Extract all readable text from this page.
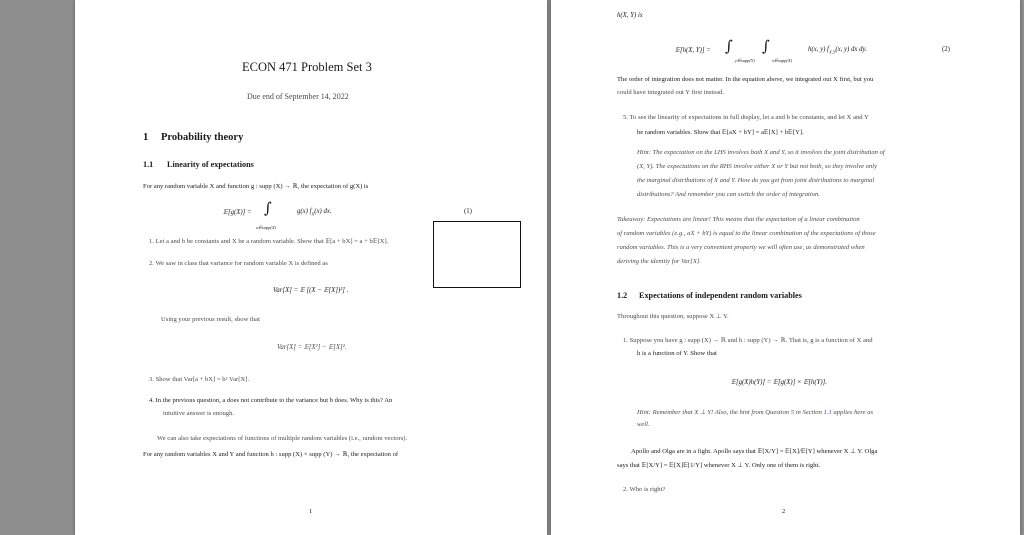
ECON 471 Problem Set 3
Due end of September 14, 2022
1 Probability theory
1.1 Linearity of expectations
For any random variable X and function g : supp (X) → ℝ, the expectation of g(X) is
𝔼[g(X)] = ∫
x∈supp(X)
g(x) $f_X(x)$ dx.	(1)
1. Let a and b be constants and X be a random variable. Show that 𝔼[a + bX] = a + b𝔼[X].
2. We saw in class that variance for random variable X is defined as
Var[X] = 𝔼 [(X − 𝔼[X])²] .
Using your previous result, show that
Var[X] = 𝔼[X²] − 𝔼[X]².
3. Show that Var[a + bX] = b² Var[X].
4. In the previous question, a does not contribute to the variance but b does. Why is this? An
intuitive answer is enough.
We can also take expectations of functions of multiple random variables (i.e., random vectors).
For any random variables X and Y and function h : supp (X) × supp (Y) → ℝ, the expectation of
1
h(X, Y) is
𝔼[h(X, Y)] = ∫
y∈supp(Y)
∫
x∈supp(X)
h(x, y) $f_{X,Y}(x$, y) dx dy.	(2)
The order of integration does not matter. In the equation above, we integrated out X first, but you
could have integrated out Y first instead.
5. To see the linearity of expectations in full display, let a and b be constants, and let X and Y
be random variables. Show that 𝔼[aX + bY] = a𝔼[X] + b𝔼[Y].
Hint: The expectation on the LHS involves both X and Y, so it involves the joint distribution of
(X, Y). The expectations on the RHS involve either X or Y but not both, so they involve only
the marginal distributions of X and Y. How do you get from joint distributions to marginal
distributions? And remember you can switch the order of integration.
Takeaway: Expectations are linear! This means that the expectation of a linear combination
of random variables (e.g., aX + bY) is equal to the linear combination of the expectations of those
random variables. This is a very convenient property we will often use, as demonstrated when
deriving the identity for Var[X].
1.2 Expectations of independent random variables
Throughout this question, suppose X ⊥ Y.
1. Suppose you have g : supp (X) → ℝ and h : supp (Y) → ℝ. That is, g is a function of X and
h is a function of Y. Show that
𝔼[g(X)h(Y)] = 𝔼[g(X)] × 𝔼[h(Y)].
Hint: Remember that X ⊥ Y! Also, the hint from Question 5 in Section 1.1 applies here as
well.
Apollo and Olga are in a fight. Apollo says that 𝔼[X/Y] = 𝔼[X]/𝔼[Y] whenever X ⊥ Y. Olga
says that 𝔼[X/Y] = 𝔼[X]𝔼[1/Y] whenever X ⊥ Y. Only one of them is right.
2. Who is right?
2
